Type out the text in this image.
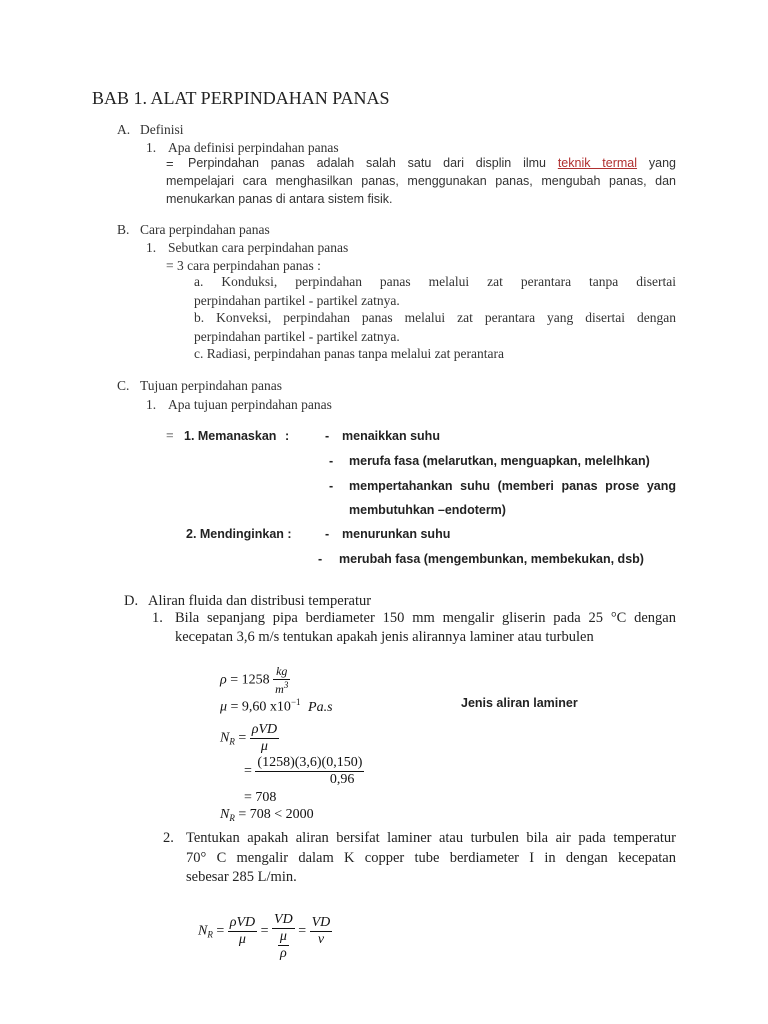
BAB 1. ALAT PERPINDAHAN PANAS
A. Definisi
1. Apa definisi perpindahan panas
= Perpindahan panas adalah salah satu dari displin ilmu teknik termal yang
mempelajari cara menghasilkan panas, menggunakan panas, mengubah panas, dan
menukarkan panas di antara sistem fisik.
B. Cara perpindahan panas
1. Sebutkan cara perpindahan panas
= 3 cara perpindahan panas :
a. Konduksi, perpindahan panas melalui zat perantara tanpa disertai
perpindahan partikel - partikel zatnya.
b. Konveksi, perpindahan panas melalui zat perantara yang disertai dengan
perpindahan partikel - partikel zatnya.
c. Radiasi, perpindahan panas tanpa melalui zat perantara
C. Tujuan perpindahan panas
1. Apa tujuan perpindahan panas
= 1. Memanaskan :	- menaikkan suhu
- merufa fasa (melarutkan, menguapkan, melelhkan)
- mempertahankan suhu (memberi panas prose yang
membutuhkan –endoterm)
2. Mendinginkan :	- menurunkan suhu
- merubah fasa (mengembunkan, membekukan, dsb)
D. Aliran fluida dan distribusi temperatur
1. Bila sepanjang pipa berdiameter 150 mm mengalir gliserin pada 25 °C dengan
kecepatan 3,6 m/s tentukan apakah jenis alirannya laminer atau turbulen
$\rho = 1258 \frac{kg}{m^3}$
μ = 9,60 $x10^{-1}$ Pa.s	Jenis aliran laminer
$N_R = \frac{\text{ρVD}}{\mu}$
= $\frac{(1258)(3,6)(0,150)}{0,96}$
= 708
$N_R = 708 < 2000$
2. Tentukan apakah aliran bersifat laminer atau turbulen bila air pada temperatur
70° C mengalir dalam K copper tube berdiameter I in dengan kecepatan
sebesar 285 L/min.
$N_R = \frac{\text{ρVD}}{\mu} = \frac{VD}{\frac{\mu}{\rho}} = \frac{VD}{\nu}$
